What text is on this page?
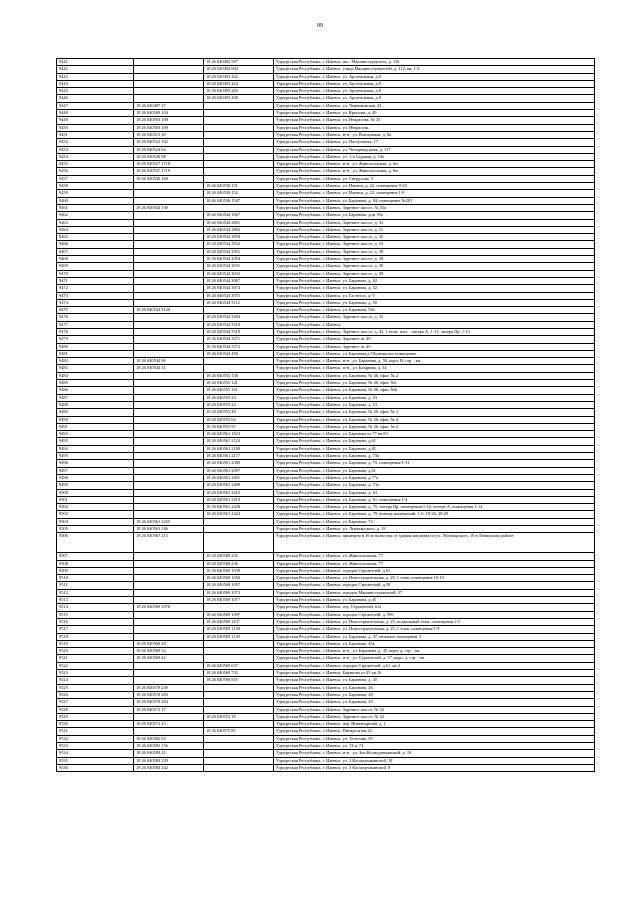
99
9441		18 26 040492 587	Удмуртская Республика, г. Ижевск, пос. Машиностроитель, д. 110
9442		18 26 040492 604	Удмуртская Республика, г. Ижевск, улица Машиностроителей, д. 112, кв. 1-3
9443		18 26 040493 262	Удмуртская Республика, г. Ижевск, ул. Арсенальная, д.8
9444		18 26 040493 264	Удмуртская Республика, г. Ижевск, ул. Арсенальная, д.8
9445		18 26 040493 265	Удмуртская Республика, г. Ижевск, ул. Арсенальная, д.8
9446		18 26 040493 268	Удмуртская Республика, г. Ижевск, ул. Арсенальная, д.8
9447	18 26 040497 37		Удмуртская Республика, г. Ижевск, ул. Черниковская, 24
9448	18 26 040500 104		Удмуртская Республика, г. Ижевск, ул. Крылова, д. 20
9449	18 26 040503 108		Удмуртская Республика, г. Ижевск, ул. Некрасова, № 35
9450	18 26 040503 109		Удмуртская Республика, г. Ижевск, ул. Некрасова
9451	18 26 040515 30		Удмуртская Республика, г. Ижевск, м-н , ул. Вокзальная, д. 8а
9452	18 26 040523 102		Удмуртская Республика, г. Ижевск, ул. Пастуховых, 17
9453	18 26 040524 64		Удмуртская Республика, г. Ижевск, ул. Четырнадцатая, д. 117
9454	18 26 040526 98		Удмуртская Республика, г. Ижевск, ул. 1-я Садовая, д. 10а
9455	18 26 040527 1718		Удмуртская Республика, г. Ижевск, м-н , ул. Живсопольная, д. 6м
9456	18 26 040527 1719		Удмуртская Республика, г. Ижевск, м-н , ул. Живсопольная, д. 6м
9457	18 26 040530 168		Удмуртская Республика, г. Ижевск, ул. Свердлова, 3
9458		18 26 040530 151	Удмуртская Республика, г. Ижевск, ул. Ижевск, д. 22, помещение 9-10
9459		18 26 040530 152	Удмуртская Республика, г. Ижевск, ул. Ижевск, д. 22, помещение 1-8
9460		18 26 040536 1947	Удмуртская Республика, г. Ижевск, ул. Баранова, д. 84, помещение №281
9461	18 26 040544 130		Удмуртская Республика, г. Ижевск, Заречное шоссе, № 35а
9462		18 26 040544 1667	Удмуртская Республика, г. Ижевск, ул. Баранова, дом 50а
9463		18 26 040544 2801	Удмуртская Республика, г. Ижевск, Заречное шоссе, д. 33
9464		18 26 040544 2802	Удмуртская Республика, г. Ижевск, Заречное шоссе, д. 31
9465		18 26 040544 2858	Удмуртская Республика, г. Ижевск, Заречное шоссе, д. 45
9466		18 26 040544 2932	Удмуртская Республика, г. Ижевск, Заречное шоссе, д. 33
9467		18 26 040544 2951	Удмуртская Республика, г. Ижевск, Заречное шоссе, д. 39
9468		18 26 040544 2954	Удмуртская Республика, г. Ижевск, Заречное шоссе, д. 39
9469		18 26 040544 3031	Удмуртская Республика, г. Ижевск, Заречное шоссе, д. 39
9470		18 26 040544 3032	Удмуртская Республика, г. Ижевск, Заречное шоссе, д. 39
9471		18 26 040544 3067	Удмуртская Республика, г. Ижевск, ул. Баранова, д. 62
9472		18 26 040544 3074	Удмуртская Республика, г. Ижевск, ул. Баранова, д. 52
9473		18 26 040544 3075	Удмуртская Республика, г. Ижевск, ул. Гастелло, д. 9
9474		18 26 040544 3112	Удмуртская Республика, г. Ижевск, ул. Баранова, д. 50
9475	18 26 040544 3120		Удмуртская Республика, г. Ижевск, ул. Баранова, 50а
9476		18 26 040544 3294	Удмуртская Республика, г. Ижевск, Заречное шоссе, д. 33
9477		18 26 040544 3318	Удмуртская Республика, г. Ижевск,
9478		18 26 040544 3319	Удмуртская Республика, г. Ижевск, Заречное шоссе, д. 43, 1 этаж, пом. , литера А, 1-13, литера Пр. 1-13
9479		18 26 040544 3371	Удмуртская Республика, г. Ижевск, Заречное ш.,49
9480		18 26 040544 3372	Удмуртская Республика, г. Ижевск, Заречное ш.,49
9481		18 26 040544 456	Удмуртская Республика, г. Ижевск, ул. Баранова,д.50а,нежилое помещение
9482	18 26 040544 96		Удмуртская Республика, г. Ижевск, м-н , ул. Баранова, д. 50, корп. В, стр. , кв.
9483	18 26 040544 51		Удмуртская Республика, г. Ижевск, м-н , ул. Базарная, д. 34
9484		18 26 040555 138	Удмуртская Республика, г. Ижевск, ул. Баранова, № 46, офис № 2
9485		18 26 040555 141	Удмуртская Республика, г. Ижевск, ул. Баранова, № 46, офис №1
9486		18 26 040555 161	Удмуртская Республика, г. Ижевск, ул. Баранова, № 46, офис №6
9487		18 26 040555 23	Удмуртская Республика, г. Ижевск, ул. Баранова, д. 53
9488		18 26 040555 24	Удмуртская Республика, г. Ижевск, ул. Баранова, д. 53
9489		18 26 040555 48	Удмуртская Республика, г. Ижевск, ул. Баранова, № 46, офис № 3
9490		18 26 040555 64	Удмуртская Республика, г. Ижевск, ул. Баранова, № 46, офис № 4
9491		18 26 040555 95	Удмуртская Республика, г. Ижевск, ул. Баранова, № 46, офис № 2
9492		18 26 040561 1023	Удмуртская Республика, г. Ижевск, ул. Баранова ул.77 кв.83
9493		18 26 040561 2124	Удмуртская Республика, г. Ижевск, ул. Баранова, д.61
9494		18 26 040561 2168	Удмуртская Республика, г. Ижевск, ул. Баранова, д.81
9495		18 26 040561 2177	Удмуртская Республика, г. Ижевск, ул. Баранова, д. 73а
9496		18 26 040561 2380	Удмуртская Республика, г. Ижевск, ул. Баранова, д. 75, помещения 1-31
9497		18 26 040561 2397	Удмуртская Республика, г. Ижевск, ул. Баранова, д.61
9498		18 26 040561 2401	Удмуртская Республика, г. Ижевск, ул. Баранова, д.77а
9499		18 26 040561 2408	Удмуртская Республика, г. Ижевск, ул. Баранова, д. 73а
9500		18 26 040561 2415	Удмуртская Республика, г. Ижевск, ул. Баранова, д. 63
9501		18 26 040561 2419	Удмуртская Республика, г. Ижевск, ул. Баранова, д. 61, помещения 1-4
9502		18 26 040561 2420	Удмуртская Республика, г. Ижевск, ул. Баранова, д. 75, литера Пр. помещения 1-16, литера А. помещения 1-14
9503		18 26 040561 2424	Удмуртская Республика, г. Ижевск, ул. Баранова, д. 79, номера помещений: 1-6, 18-26, 28-29
9504	18 26 040561 2435		Удмуртская Республика, г. Ижевск, ул. Баранова, 73
9505	18 26 040563 146		Удмуртская Республика, г. Ижевск, ул. Луначарского, д. 19
9506	18 26 040567 213		Удмуртская Республика, г. Ижевск, примерно в 16 м на восток от здания магазина по ул. Луначарского, 19 в Ленинском районе
9507		18 26 040568 235	Удмуртская Республика, г. Ижевск, ул. Живсопольная, 77
9508		18 26 040568 236	Удмуртская Республика, г. Ижевск, ул. Живсопольная, 77
9509		18 26 040569 1039	Удмуртская Республика, г. Ижевск, городок Строителей, д.61
9510		18 26 040569 1056	Удмуртская Республика, г. Ижевск, ул. Новостроительная, д. 25, 1 этаж, помещения 10-19
9511		18 26 040569 1057	Удмуртская Республика, г. Ижевск, городок Строителей, д.59
9512		18 26 040569 1073	Удмуртская Республика, г. Ижевск, городок Машиностроителей, 57
9513		18 26 040569 1077	Удмуртская Республика, г. Ижевск, ул. Баранова, д.45
9514	18 26 040569 1078		Удмуртская Республика, г. Ижевск, гор. Строителей, 61а
9515		18 26 040569 1097	Удмуртская Республика, г. Ижевск, городок Строителей, д. 59б
9516		18 26 040569 1137	Удмуртская Республика, г. Ижевск, ул. Новостроительная, д. 25, подвальный этаж, помещения 1-3
9517		18 26 040569 1138	Удмуртская Республика, г. Ижевск, ул. Новостроительная, д. 25, 1 этаж, помещения 1-9
9518		18 26 040569 1139	Удмуртская Республика, г. Ижевск, ул. Баранова, д. 47, нежилое помещение 3
9519	18 26 040569 28		Удмуртская Республика, г. Ижевск, ул. Баранова, 45а
9520	18 26 040569 32		Удмуртская Республика, г. Ижевск, м-н , ул. Баранова, д. 45, корп. д, стр. , кв.
9521	18 26 040569 42		Удмуртская Республика, г. Ижевск, м-н , ул. Строителей, д. 57, корп. д, стр. , кв.
9522		18 26 040569 637	Удмуртская Республика, г. Ижевск, городок Строителей, д.61, кв.4
9523		18 26 040569 732	Удмуртская Республика, г. Ижевск, Баранова ул.45 кв.16
9524		18 26 040569 816	Удмуртская Республика, г. Ижевск, ул. Баранова, д. 45
9525	18 26 040570 249		Удмуртская Республика, г. Ижевск, ул. Баранова, 26
9526	18 26 040570 283		Удмуртская Республика, г. Ижевск, ул. Баранова, 28
9527	18 26 040570 284		Удмуртская Республика, г. Ижевск, ул. Баранова, 28
9528	18 26 040572 17		Удмуртская Республика, г. Ижевск, Заречное шоссе, № 32
9529		18 26 040572 18	Удмуртская Республика, г. Ижевск, Заречное шоссе, № 32
9530	18 26 040572 23		Удмуртская Республика, г. Ижевск, пер. Инвентарный, д. 1
9531		18 26 040575 85	Удмуртская Республика, г. Ижевск, Пятидесятая,22
9532	18 26 040582 65		Удмуртская Республика, г. Ижевск, ул. Телегина, 50
9533	18 26 040583 156		Удмуртская Республика, г. Ижевск, ул. 13-я, 74
9534	18 26 040584 21		Удмуртская Республика, г. Ижевск, м-н , ул. Зои Космодемьянской, д. 10
9535	18 26 040584 239		Удмуртская Республика, г. Ижевск, ул. 3 Космодемьянской, 10
9536	18 26 040584 242		Удмуртская Республика, г. Ижевск, ул. 3 Космодемьянской, 8
